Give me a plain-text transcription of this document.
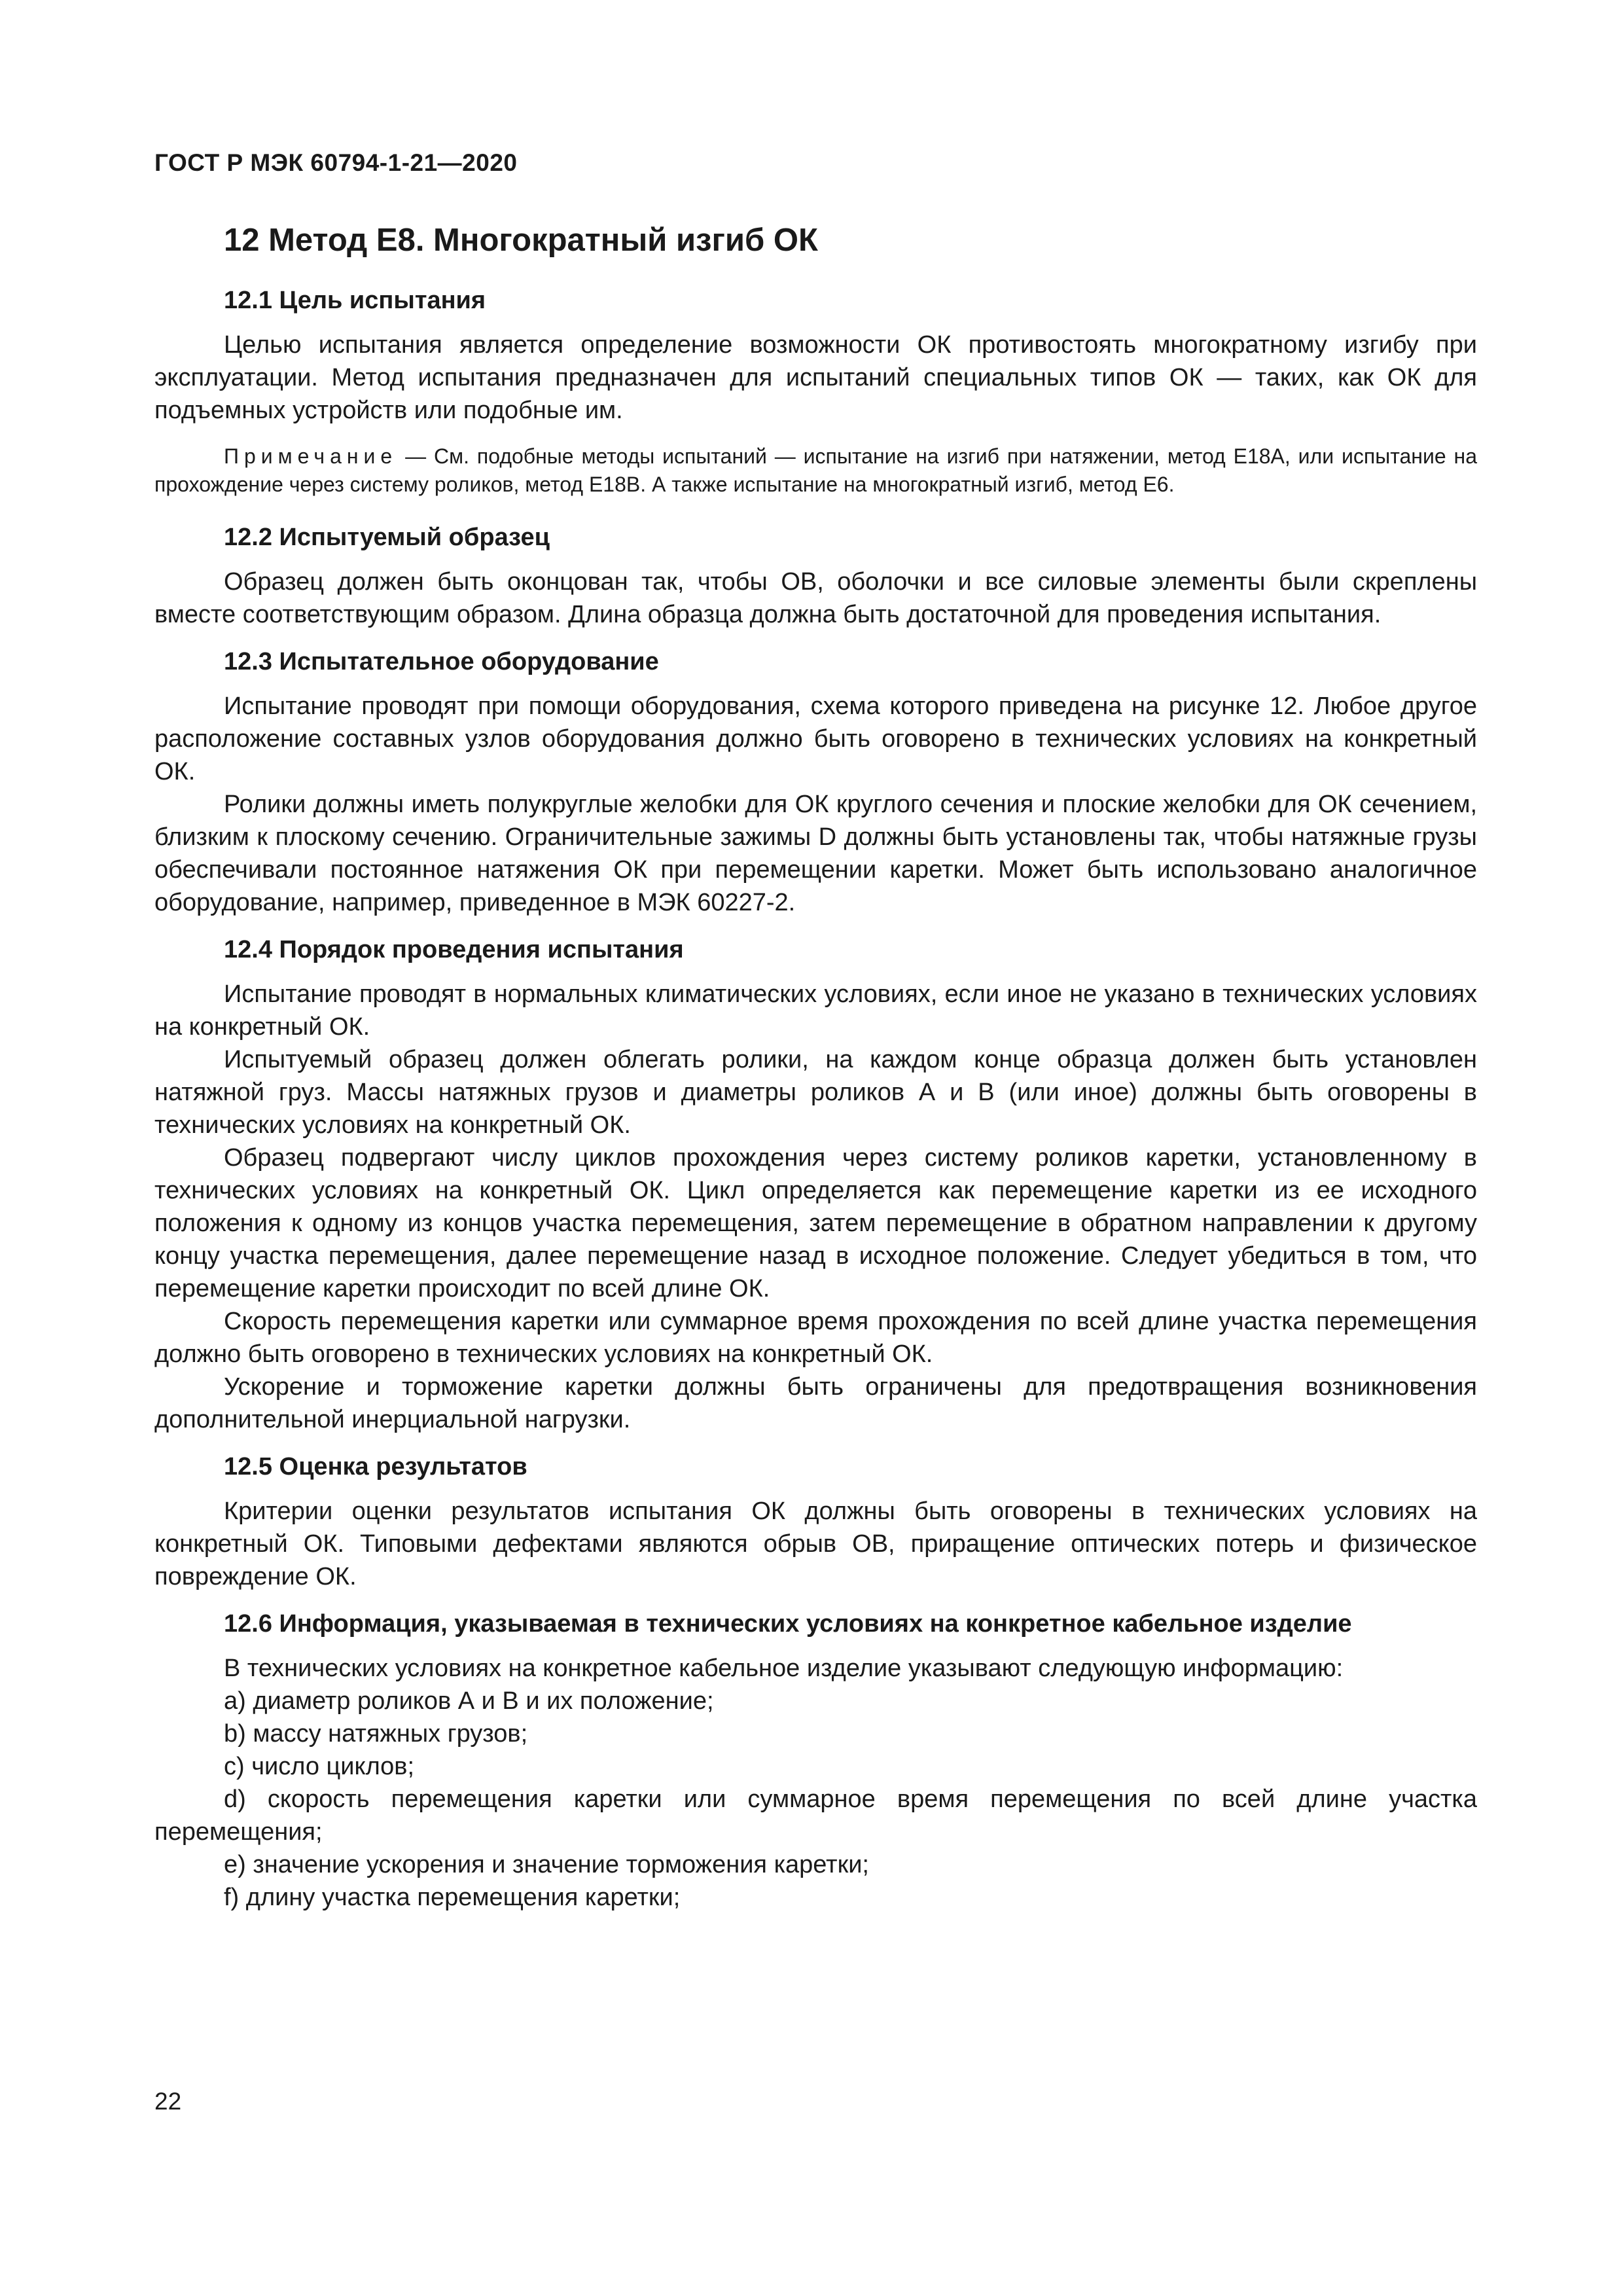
ГОСТ Р МЭК 60794-1-21—2020
12 Метод E8. Многократный изгиб ОК
12.1 Цель испытания

Целью испытания является определение возможности ОК противостоять многократному изгибу при эксплуатации. Метод испытания предназначен для испытаний специальных типов ОК — таких, как ОК для подъемных устройств или подобные им.

Примечание — См. подобные методы испытаний — испытание на изгиб при натяжении, метод E18A, или испытание на прохождение через систему роликов, метод E18B. А также испытание на многократный изгиб, метод E6.
12.2 Испытуемый образец

Образец должен быть оконцован так, чтобы ОВ, оболочки и все силовые элементы были скреплены вместе соответствующим образом. Длина образца должна быть достаточной для проведения испытания.

12.3 Испытательное оборудование

Испытание проводят при помощи оборудования, схема которого приведена на рисунке 12. Любое другое расположение составных узлов оборудования должно быть оговорено в технических условиях на конкретный ОК.

Ролики должны иметь полукруглые желобки для ОК круглого сечения и плоские желобки для ОК сечением, близким к плоскому сечению. Ограничительные зажимы D должны быть установлены так, чтобы натяжные грузы обеспечивали постоянное натяжения ОК при перемещении каретки. Может быть использовано аналогичное оборудование, например, приведенное в МЭК 60227-2.

12.4 Порядок проведения испытания

Испытание проводят в нормальных климатических условиях, если иное не указано в технических условиях на конкретный ОК.

Испытуемый образец должен облегать ролики, на каждом конце образца должен быть установлен натяжной груз. Массы натяжных грузов и диаметры роликов А и В (или иное) должны быть оговорены в технических условиях на конкретный ОК.

Образец подвергают числу циклов прохождения через систему роликов каретки, установленному в технических условиях на конкретный ОК. Цикл определяется как перемещение каретки из ее исходного положения к одному из концов участка перемещения, затем перемещение в обратном направлении к другому концу участка перемещения, далее перемещение назад в исходное положение. Следует убедиться в том, что перемещение каретки происходит по всей длине ОК.

Скорость перемещения каретки или суммарное время прохождения по всей длине участка перемещения должно быть оговорено в технических условиях на конкретный ОК.

Ускорение и торможение каретки должны быть ограничены для предотвращения возникновения дополнительной инерциальной нагрузки.

12.5 Оценка результатов

Критерии оценки результатов испытания ОК должны быть оговорены в технических условиях на конкретный ОК. Типовыми дефектами являются обрыв ОВ, приращение оптических потерь и физическое повреждение ОК.

12.6 Информация, указываемая в технических условиях на конкретное кабельное изделие

В технических условиях на конкретное кабельное изделие указывают следующую информацию:

a) диаметр роликов А и В и их положение;

b) массу натяжных грузов;

c) число циклов;

d) скорость перемещения каретки или суммарное время перемещения по всей длине участка перемещения;

e) значение ускорения и значение торможения каретки;

f) длину участка перемещения каретки;

22
